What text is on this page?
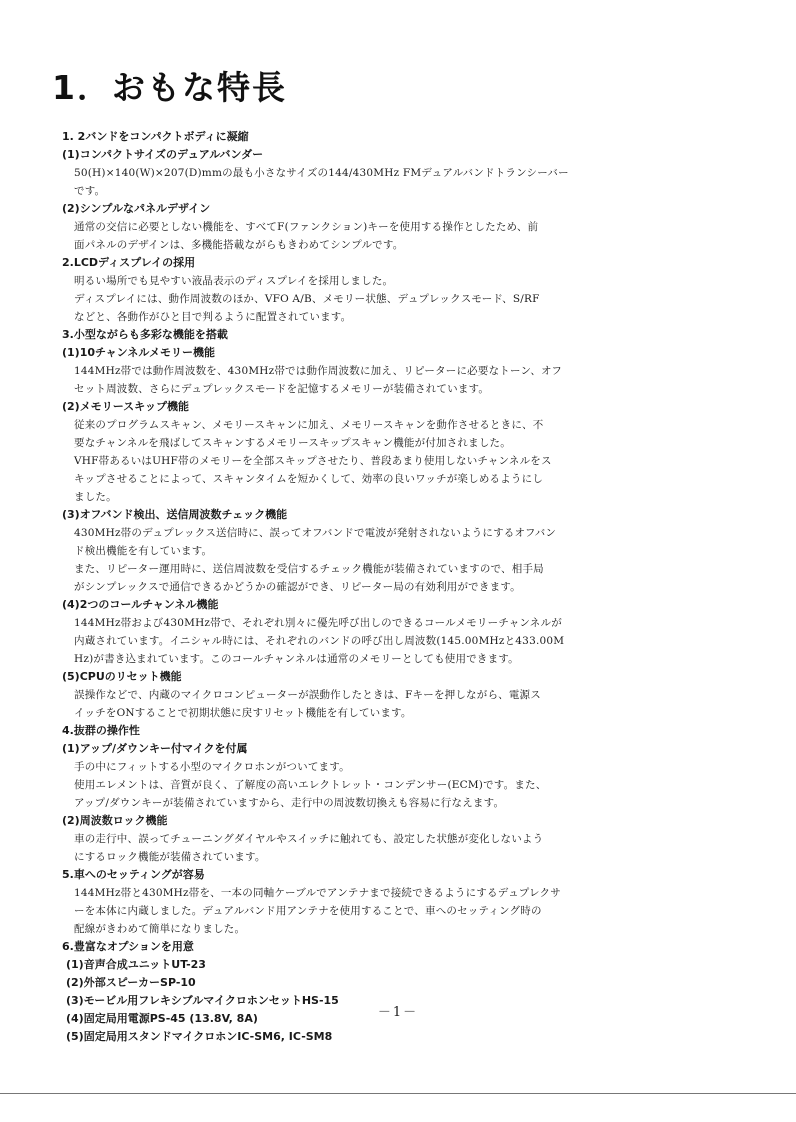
1．おもな特長
1. 2バンドをコンパクトボディに凝縮
(1)コンパクトサイズのデュアルバンダー
50(H)×140(W)×207(D)mmの最も小さなサイズの144/430MHz FMデュアルバンドトランシーバー
です。
(2)シンプルなパネルデザイン
通常の交信に必要としない機能を、すべてF(ファンクション)キーを使用する操作としたため、前
面パネルのデザインは、多機能搭載ながらもきわめてシンプルです。
2.LCDディスプレイの採用
明るい場所でも見やすい液晶表示のディスプレイを採用しました。
ディスプレイには、動作周波数のほか、VFO A/B、メモリー状態、デュプレックスモード、S/RF
などと、各動作がひと目で判るように配置されています。
3.小型ながらも多彩な機能を搭載
(1)10チャンネルメモリー機能
144MHz帯では動作周波数を、430MHz帯では動作周波数に加え、リピーターに必要なトーン、オフ
セット周波数、さらにデュプレックスモードを記憶するメモリーが装備されています。
(2)メモリースキップ機能
従来のプログラムスキャン、メモリースキャンに加え、メモリースキャンを動作させるときに、不
要なチャンネルを飛ばしてスキャンするメモリースキップスキャン機能が付加されました。
VHF帯あるいはUHF帯のメモリーを全部スキップさせたり、普段あまり使用しないチャンネルをス
キップさせることによって、スキャンタイムを短かくして、効率の良いワッチが楽しめるようにし
ました。
(3)オフバンド検出、送信周波数チェック機能
430MHz帯のデュプレックス送信時に、誤ってオフバンドで電波が発射されないようにするオフバン
ド検出機能を有しています。
また、リピーター運用時に、送信周波数を受信するチェック機能が装備されていますので、相手局
がシンプレックスで通信できるかどうかの確認ができ、リピーター局の有効利用ができます。
(4)2つのコールチャンネル機能
144MHz帯および430MHz帯で、それぞれ別々に優先呼び出しのできるコールメモリーチャンネルが
内蔵されています。イニシャル時には、それぞれのバンドの呼び出し周波数(145.00MHzと433.00M
Hz)が書き込まれています。このコールチャンネルは通常のメモリーとしても使用できます。
(5)CPUのリセット機能
誤操作などで、内蔵のマイクロコンピューターが誤動作したときは、Fキーを押しながら、電源ス
イッチをONすることで初期状態に戻すリセット機能を有しています。
4.抜群の操作性
(1)アップ/ダウンキー付マイクを付属
手の中にフィットする小型のマイクロホンがついてます。
使用エレメントは、音質が良く、了解度の高いエレクトレット・コンデンサー(ECM)です。また、
アップ/ダウンキーが装備されていますから、走行中の周波数切換えも容易に行なえます。
(2)周波数ロック機能
車の走行中、誤ってチューニングダイヤルやスイッチに触れても、設定した状態が変化しないよう
にするロック機能が装備されています。
5.車へのセッティングが容易
144MHz帯と430MHz帯を、一本の同軸ケーブルでアンテナまで接続できるようにするデュプレクサ
ーを本体に内蔵しました。デュアルバンド用アンテナを使用することで、車へのセッティング時の
配線がきわめて簡単になりました。
6.豊富なオプションを用意
(1)音声合成ユニットUT-23
(2)外部スピーカーSP-10
(3)モービル用フレキシブルマイクロホンセットHS-15
(4)固定局用電源PS-45 (13.8V, 8A)
(5)固定局用スタンドマイクロホンIC-SM6, IC-SM8
－1－
